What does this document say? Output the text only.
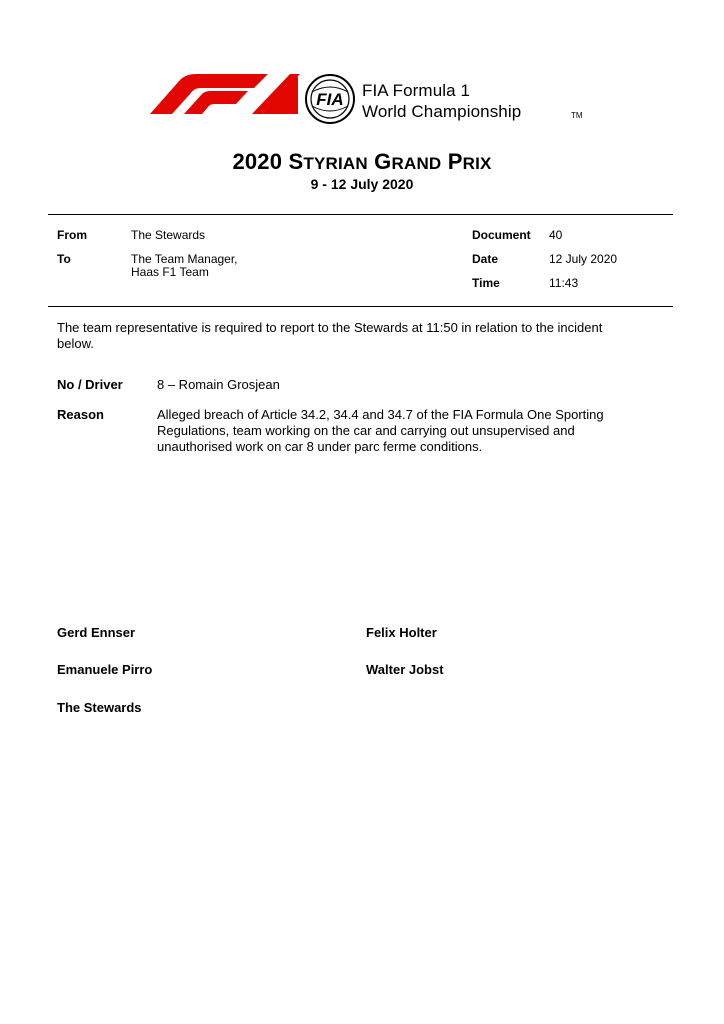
FIA FIA Formula 1
World Championship	TM
2020 STYRIAN GRAND PRIX
9 - 12 July 2020
From	The Stewards
To	The Team Manager,
Haas F1 Team
Document 40
Date	12 July 2020
Time	11:43
The team representative is required to report to the Stewards at 11:50 in relation to the incident
below.
No / Driver	8 – Romain Grosjean
Reason	Alleged breach of Article 34.2, 34.4 and 34.7 of the FIA Formula One Sporting
Regulations, team working on the car and carrying out unsupervised and
unauthorised work on car 8 under parc ferme conditions.
Gerd Ennser	Felix Holter
Emanuele Pirro	Walter Jobst
The Stewards
